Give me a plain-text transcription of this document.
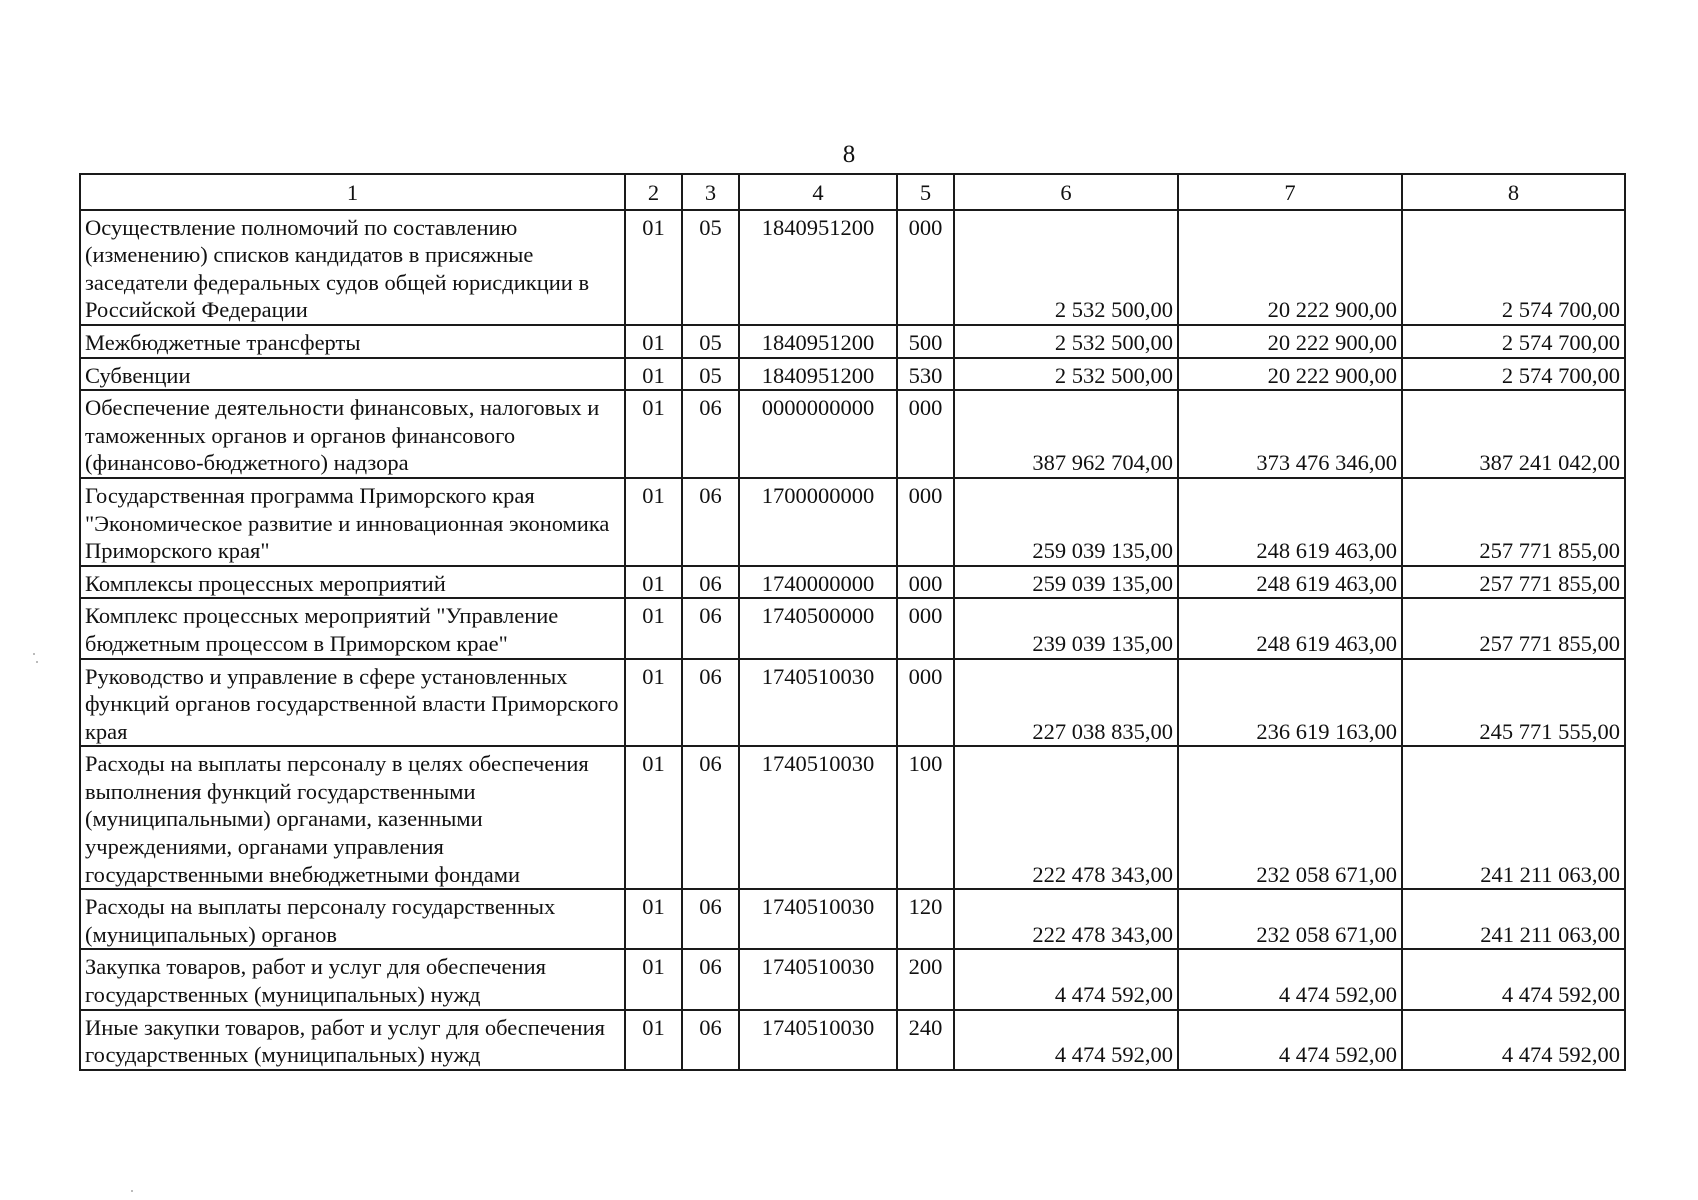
8
1	2	3	4	5	6	7	8
Осуществление полномочий по составлению (изменению) списков кандидатов в присяжные заседатели федеральных судов общей юрисдикции в Российской Федерации	01	05	1840951200	000	2 532 500,00	20 222 900,00	2 574 700,00
Межбюджетные трансферты	01	05	1840951200	500	2 532 500,00	20 222 900,00	2 574 700,00
Субвенции	01	05	1840951200	530	2 532 500,00	20 222 900,00	2 574 700,00
Обеспечение деятельности финансовых, налоговых и таможенных органов и органов финансового (финансово-бюджетного) надзора	01	06	0000000000	000	387 962 704,00	373 476 346,00	387 241 042,00
Государственная программа Приморского края "Экономическое развитие и инновационная экономика Приморского края"	01	06	1700000000	000	259 039 135,00	248 619 463,00	257 771 855,00
Комплексы процессных мероприятий	01	06	1740000000	000	259 039 135,00	248 619 463,00	257 771 855,00
Комплекс процессных мероприятий "Управление бюджетным процессом в Приморском крае"	01	06	1740500000	000	239 039 135,00	248 619 463,00	257 771 855,00
Руководство и управление в сфере установленных функций органов государственной власти Приморского края	01	06	1740510030	000	227 038 835,00	236 619 163,00	245 771 555,00
Расходы на выплаты персоналу в целях обеспечения выполнения функций государственными (муниципальными) органами, казенными учреждениями, органами управления государственными внебюджетными фондами	01	06	1740510030	100	222 478 343,00	232 058 671,00	241 211 063,00
Расходы на выплаты персоналу государственных (муниципальных) органов	01	06	1740510030	120	222 478 343,00	232 058 671,00	241 211 063,00
Закупка товаров, работ и услуг для обеспечения государственных (муниципальных) нужд	01	06	1740510030	200	4 474 592,00	4 474 592,00	4 474 592,00
Иные закупки товаров, работ и услуг для обеспечения государственных (муниципальных) нужд	01	06	1740510030	240	4 474 592,00	4 474 592,00	4 474 592,00
